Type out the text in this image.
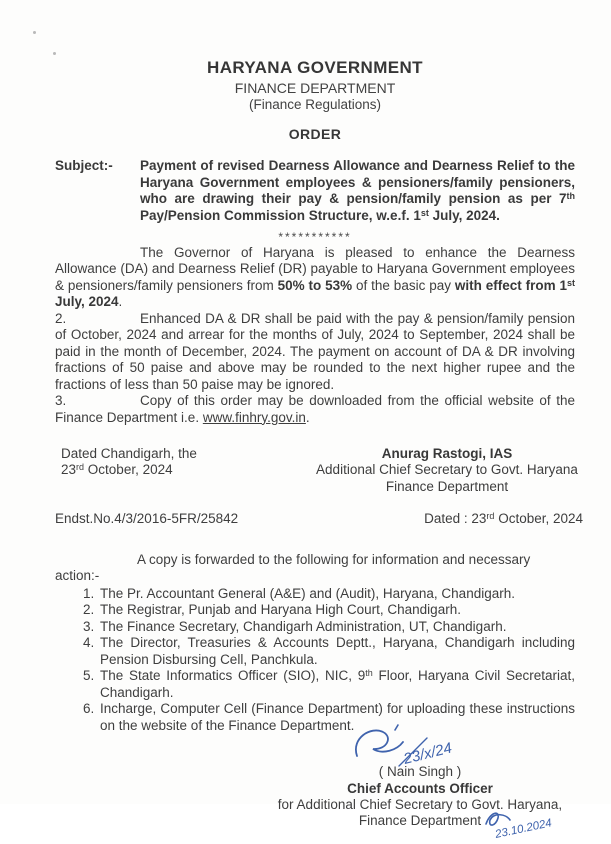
HARYANA GOVERNMENT
FINANCE DEPARTMENT
(Finance Regulations)
ORDER
Subject:-	Payment of revised Dearness Allowance and Dearness Relief to the Haryana Government employees & pensioners/family pensioners, who are drawing their pay & pension/family pension as per 7th Pay/Pension Commission Structure, w.e.f. 1st July, 2024.

***********

The Governor of Haryana is pleased to enhance the Dearness Allowance (DA) and Dearness Relief (DR) payable to Haryana Government employees & pensioners/family pensioners from 50% to 53% of the basic pay with effect from 1st July, 2024.

2.	Enhanced DA & DR shall be paid with the pay & pension/family pension of October, 2024 and arrear for the months of July, 2024 to September, 2024 shall be paid in the month of December, 2024. The payment on account of DA & DR involving fractions of 50 paise and above may be rounded to the next higher rupee and the fractions of less than 50 paise may be ignored.

3.	Copy of this order may be downloaded from the official website of the Finance Department i.e. www.finhry.gov.in.

Dated Chandigarh, the
23rd October, 2024
Anurag Rastogi, IAS
Additional Chief Secretary to Govt. Haryana
Finance Department
Endst.No.4/3/2016-5FR/25842	Dated : 23rd October, 2024

A copy is forwarded to the following for information and necessary action:-

1. The Pr. Accountant General (A&E) and (Audit), Haryana, Chandigarh.
2. The Registrar, Punjab and Haryana High Court, Chandigarh.
3. The Finance Secretary, Chandigarh Administration, UT, Chandigarh.
4. The Director, Treasuries & Accounts Deptt., Haryana, Chandigarh including Pension Disbursing Cell, Panchkula.
5. The State Informatics Officer (SIO), NIC, 9th Floor, Haryana Civil Secretariat, Chandigarh.
6. Incharge, Computer Cell (Finance Department) for uploading these instructions on the website of the Finance Department.
23/x/24
( Nain Singh )
Chief Accounts Officer
for Additional Chief Secretary to Govt. Haryana,
Finance Department 23.10.2024
